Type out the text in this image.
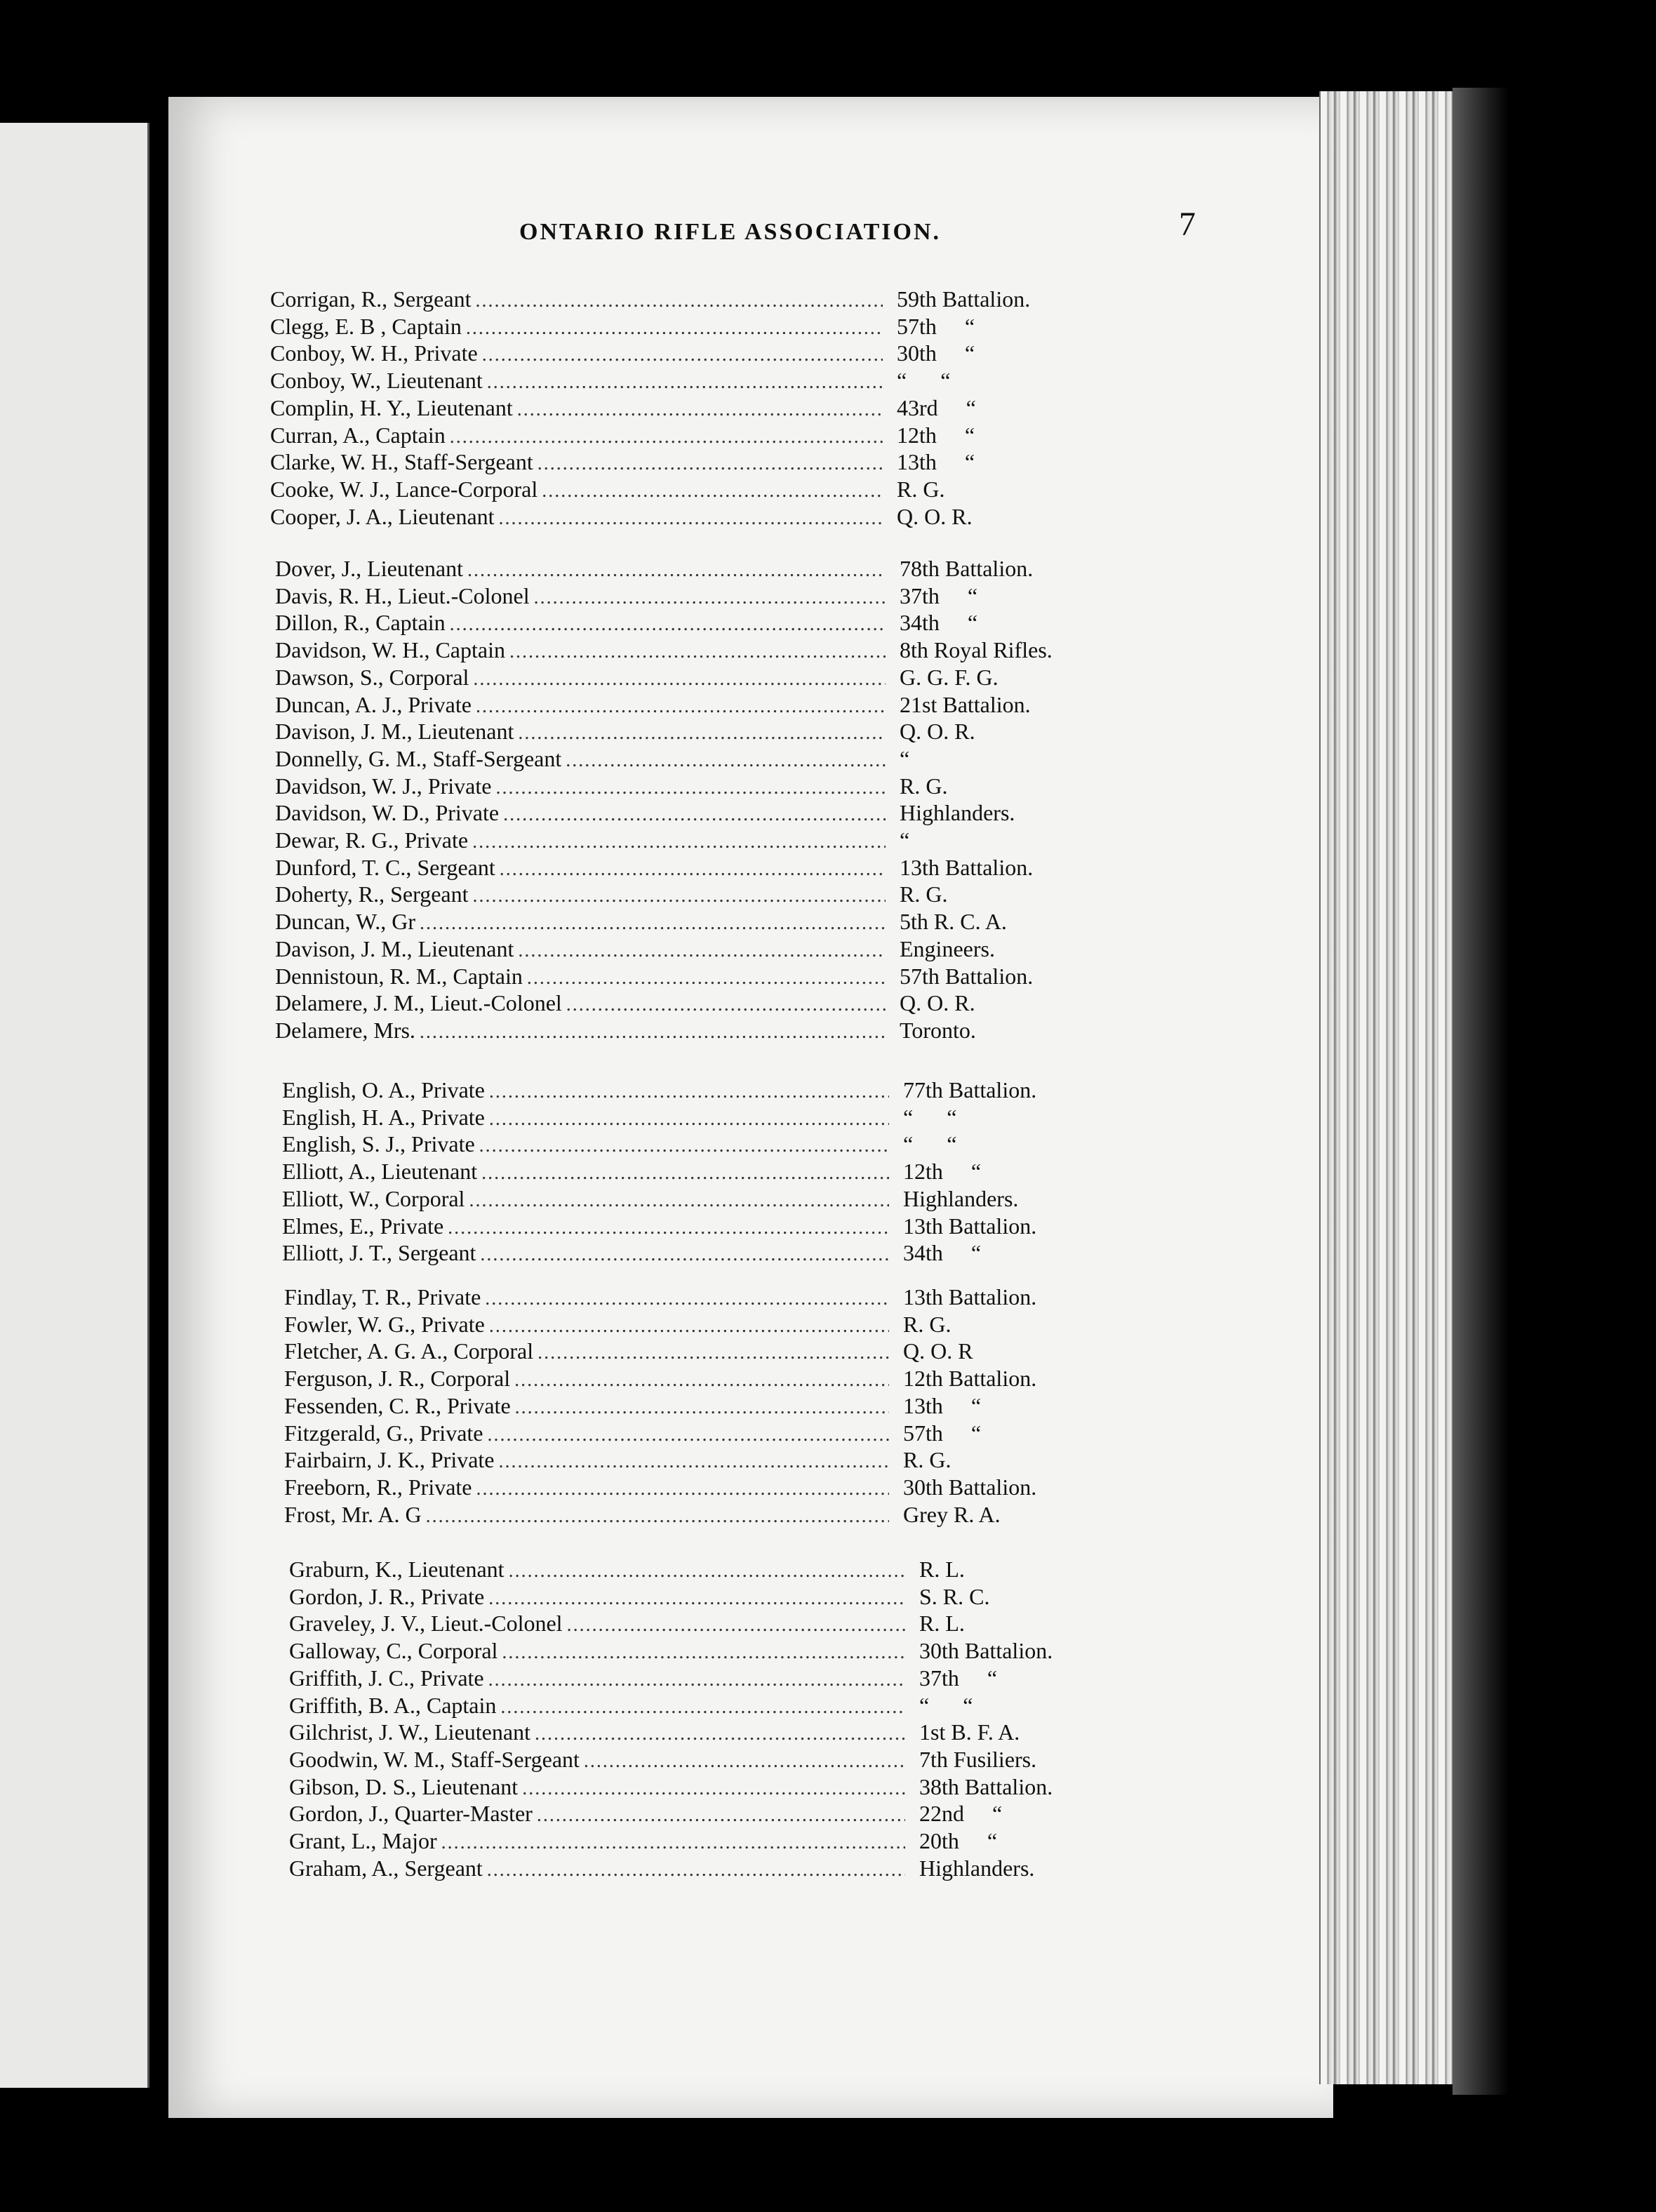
ONTARIO RIFLE ASSOCIATION.	7
Corrigan, R., Sergeant .....	59th Battalion.
Clegg, E. B , Captain .....	57th     “
Conboy, W. H., Private .....	30th     “
Conboy, W., Lieutenant .....	“      “
Complin, H. Y., Lieutenant .....	43rd     “
Curran, A., Captain .....	12th     “
Clarke, W. H., Staff-Sergeant .....	13th     “
Cooke, W. J., Lance-Corporal .....	R. G.
Cooper, J. A., Lieutenant .....	Q. O. R.
Dover, J., Lieutenant .....	78th Battalion.
Davis, R. H., Lieut.-Colonel .....	37th     “
Dillon, R., Captain .....	34th     “
Davidson, W. H., Captain .....	8th Royal Rifles.
Dawson, S., Corporal .....	G. G. F. G.
Duncan, A. J., Private .....	21st Battalion.
Davison, J. M., Lieutenant .....	Q. O. R.
Donnelly, G. M., Staff-Sergeant .....	“
Davidson, W. J., Private .....	R. G.
Davidson, W. D., Private .....	Highlanders.
Dewar, R. G., Private .....	“
Dunford, T. C., Sergeant .....	13th Battalion.
Doherty, R., Sergeant .....	R. G.
Duncan, W., Gr .....	5th R. C. A.
Davison, J. M., Lieutenant .....	Engineers.
Dennistoun, R. M., Captain .....	57th Battalion.
Delamere, J. M., Lieut.-Colonel .....	Q. O. R.
Delamere, Mrs. .....	Toronto.
English, O. A., Private .....	77th Battalion.
English, H. A., Private .....	“      “
English, S. J., Private .....	“      “
Elliott, A., Lieutenant .....	12th     “
Elliott, W., Corporal .....	Highlanders.
Elmes, E., Private .....	13th Battalion.
Elliott, J. T., Sergeant .....	34th     “
Findlay, T. R., Private .....	13th Battalion.
Fowler, W. G., Private .....	R. G.
Fletcher, A. G. A., Corporal .....	Q. O. R
Ferguson, J. R., Corporal .....	12th Battalion.
Fessenden, C. R., Private .....	13th     “
Fitzgerald, G., Private .....	57th     “
Fairbairn, J. K., Private .....	R. G.
Freeborn, R., Private .....	30th Battalion.
Frost, Mr. A. G .....	Grey R. A.
Graburn, K., Lieutenant .....	R. L.
Gordon, J. R., Private .....	S. R. C.
Graveley, J. V., Lieut.-Colonel .....	R. L.
Galloway, C., Corporal .....	30th Battalion.
Griffith, J. C., Private .....	37th     “
Griffith, B. A., Captain .....	“      “
Gilchrist, J. W., Lieutenant .....	1st B. F. A.
Goodwin, W. M., Staff-Sergeant .....	7th Fusiliers.
Gibson, D. S., Lieutenant .....	38th Battalion.
Gordon, J., Quarter-Master .....	22nd     “
Grant, L., Major .....	20th     “
Graham, A., Sergeant .....	Highlanders.
